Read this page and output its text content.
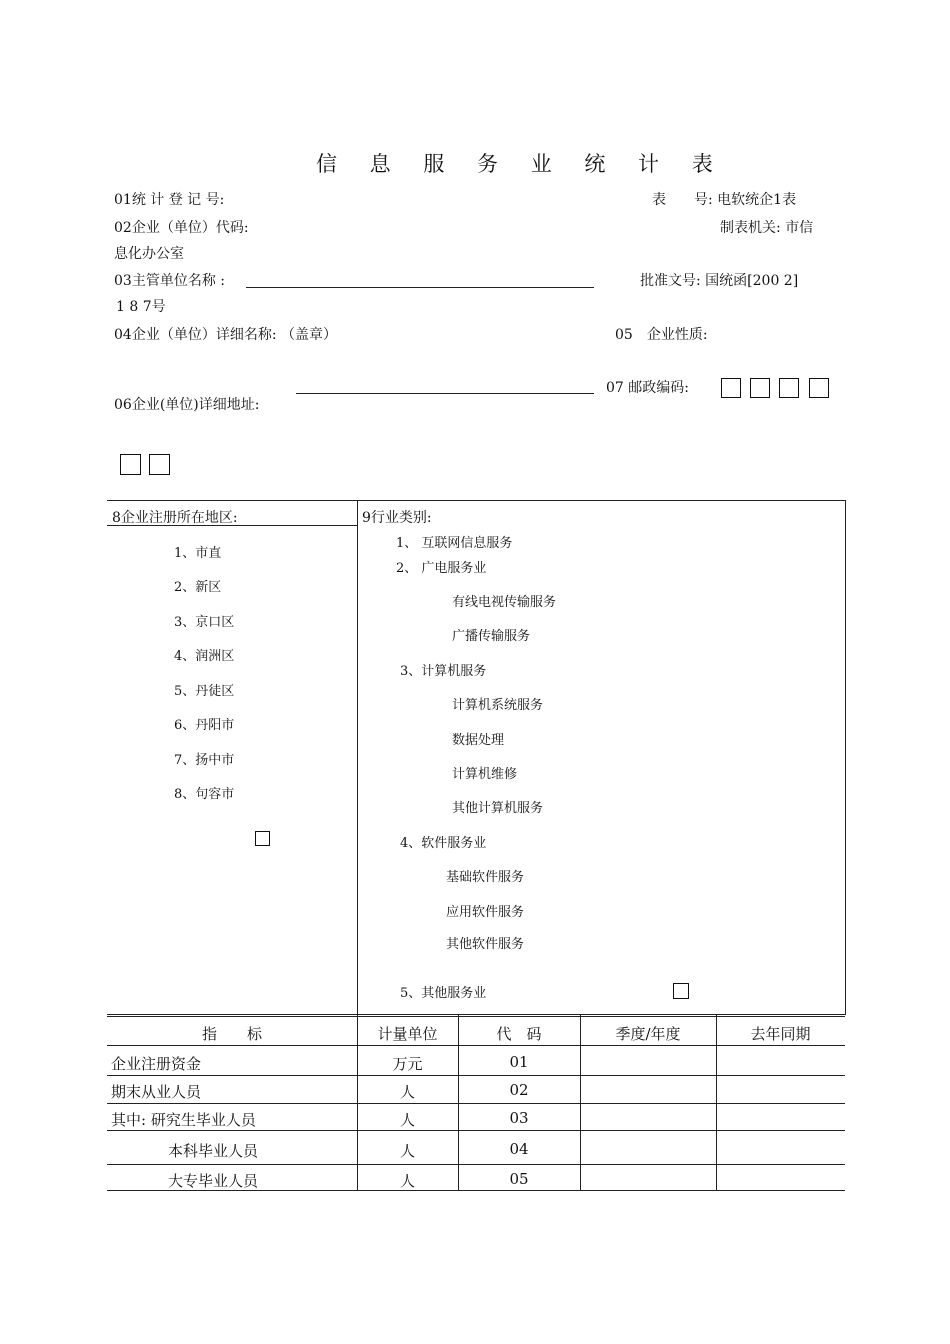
信 息 服 务 业 统 计 表
01统 计 登 记 号:	表　　号: 电软统企1表
02企业（单位）代码:	制表机关: 市信
息化办公室
03主管单位名称 :	批准文号: 国统函[200 2]
1 8 7号
04企业（单位）详细名称: （盖章）	05　企业性质:
07 邮政编码:
06企业(单位)详细地址:
8企业注册所在地区:
1、市直
2、新区
3、京口区
4、润洲区
5、丹徒区
6、丹阳市
7、扬中市
8、句容市
9行业类别:
1、 互联网信息服务
2、 广电服务业
有线电视传输服务
广播传输服务
3、计算机服务
计算机系统服务
数据处理
计算机维修
其他计算机服务
4、软件服务业
基础软件服务
应用软件服务
其他软件服务
5、其他服务业
指　　标	计量单位	代　码	季度/年度	去年同期
企业注册资金	万元	01
期末从业人员	人	02
其中: 研究生毕业人员	人	03
本科毕业人员	人	04
大专毕业人员	人	05
